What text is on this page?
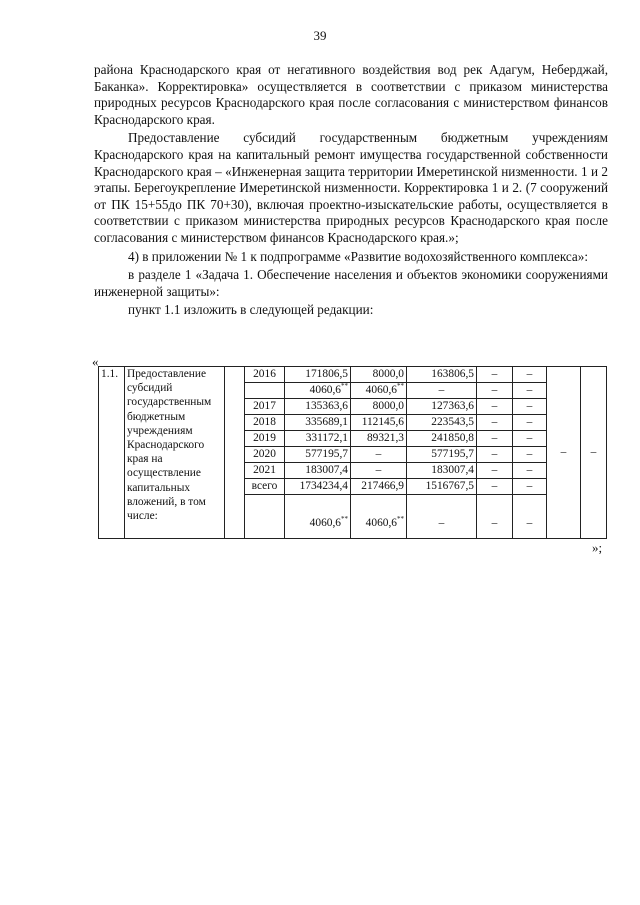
39

района Краснодарского края от негативного воздействия вод рек Адагум, Неберджай, Баканка». Корректировка» осуществляется в соответствии с приказом министерства природных ресурсов Краснодарского края после согласования с министерством финансов Краснодарского края.

Предоставление субсидий государственным бюджетным учреждениям Краснодарского края на капитальный ремонт имущества государственной собственности Краснодарского края – «Инженерная защита территории Имеретинской низменности. 1 и 2 этапы. Берегоукрепление Имеретинской низменности. Корректировка 1 и 2. (7 сооружений от ПК 15+55до ПК 70+30), включая проектно-изыскательские работы, осуществляется в соответствии с приказом министерства природных ресурсов Краснодарского края после согласования с министерством финансов Краснодарского края.»;

4) в приложении № 1 к подпрограмме «Развитие водохозяйственного комплекса»:

в разделе 1 «Задача 1. Обеспечение населения и объектов экономики сооружениями инженерной защиты»:

пункт 1.1 изложить в следующей редакции:

«
1.1.	Предоставление субсидий государственным бюджетным учреждениям Краснодарского края на осуществление капитальных вложений, в том числе:		2016	171806,5	8000,0	163806,5	–	–	–	–
				4060,6**	4060,6**	–	–	–		
			2017	135363,6	8000,0	127363,6	–	–		
			2018	335689,1	112145,6	223543,5	–	–		
			2019	331172,1	89321,3	241850,8	–	–		
			2020	577195,7	–	577195,7	–	–		
			2021	183007,4	–	183007,4	–	–		
			всего	1734234,4	217466,9	1516767,5	–	–		
				4060,6**	4060,6**	–	–	–		
»;
